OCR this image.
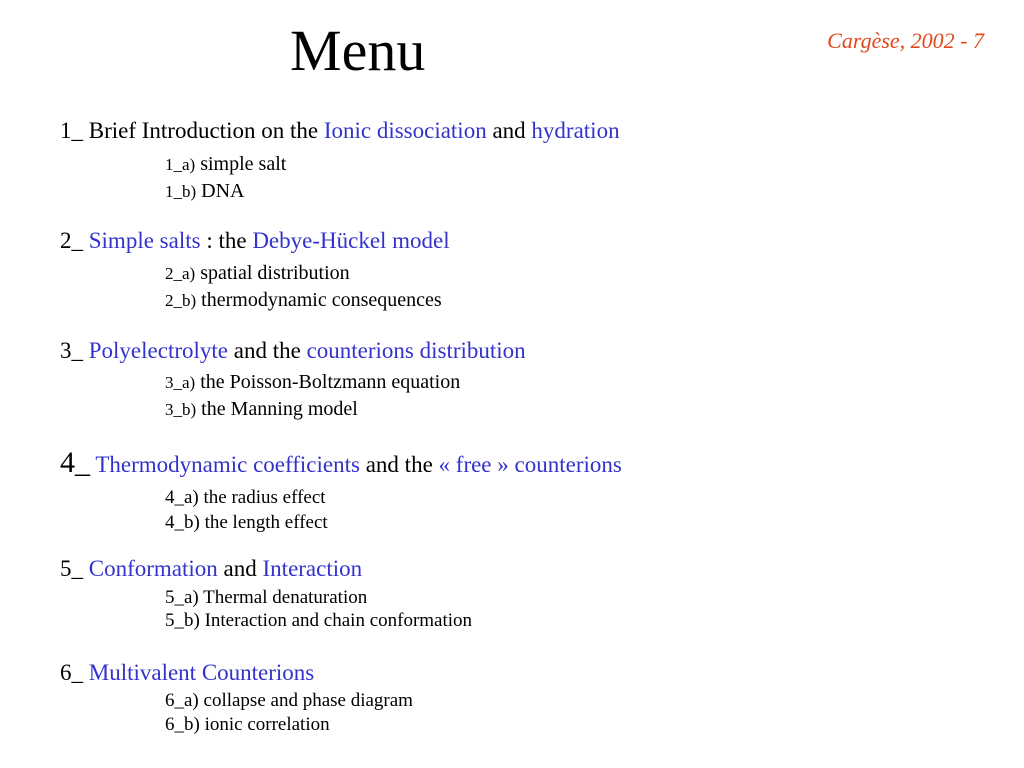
Menu	Cargèse, 2002 - 7
1_ Brief Introduction on the Ionic dissociation and hydration
1_a) simple salt
1_b) DNA
2_ Simple salts : the Debye-Hückel model
2_a) spatial distribution
2_b) thermodynamic consequences
3_ Polyelectrolyte and the counterions distribution
3_a) the Poisson-Boltzmann equation
3_b) the Manning model
4_ Thermodynamic coefficients and the « free » counterions
4_a) the radius effect
4_b) the length effect
5_ Conformation and Interaction
5_a) Thermal denaturation
5_b) Interaction and chain conformation
6_ Multivalent Counterions
6_a) collapse and phase diagram
6_b) ionic correlation
